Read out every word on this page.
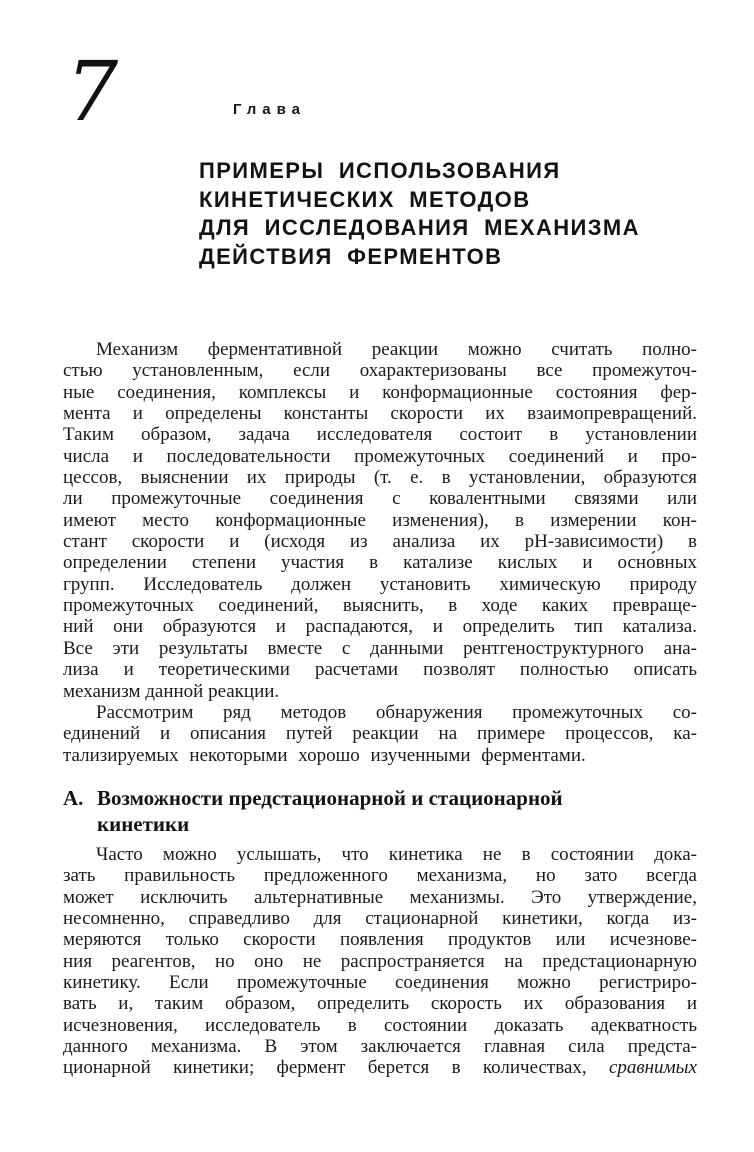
7	Глава
ПРИМЕРЫ ИСПОЛЬЗОВАНИЯ
КИНЕТИЧЕСКИХ МЕТОДОВ
ДЛЯ ИССЛЕДОВАНИЯ МЕХАНИЗМА
ДЕЙСТВИЯ ФЕРМЕНТОВ
Механизм ферментативной реакции можно считать полно-
стью установленным, если охарактеризованы все промежуточ-
ные соединения, комплексы и конформационные состояния фер-
мента и определены константы скорости их взаимопревращений.
Таким образом, задача исследователя состоит в установлении
числа и последовательности промежуточных соединений и про-
цессов, выяснении их природы (т. е. в установлении, образуются
ли промежуточные соединения с ковалентными связями или
имеют место конформационные изменения), в измерении кон-
стант скорости и (исходя из анализа их рН-зависимости) в
определении степени участия в катализе кислых и осно́вных
групп. Исследователь должен установить химическую природу
промежуточных соединений, выяснить, в ходе каких превраще-
ний они образуются и распадаются, и определить тип катализа.
Все эти результаты вместе с данными рентгеноструктурного ана-
лиза и теоретическими расчетами позволят полностью описать
механизм данной реакции.
Рассмотрим ряд методов обнаружения промежуточных со-
единений и описания путей реакции на примере процессов, ка-
тализируемых некоторыми хорошо изученными ферментами.
А. Возможности предстационарной и стационарной
кинетики
Часто можно услышать, что кинетика не в состоянии дока-
зать правильность предложенного механизма, но зато всегда
может исключить альтернативные механизмы. Это утверждение,
несомненно, справедливо для стационарной кинетики, когда из-
меряются только скорости появления продуктов или исчезнове-
ния реагентов, но оно не распространяется на предстационарную
кинетику. Если промежуточные соединения можно регистриро-
вать и, таким образом, определить скорость их образования и
исчезновения, исследователь в состоянии доказать адекватность
данного механизма. В этом заключается главная сила предста-
ционарной кинетики; фермент берется в количествах, сравнимых
